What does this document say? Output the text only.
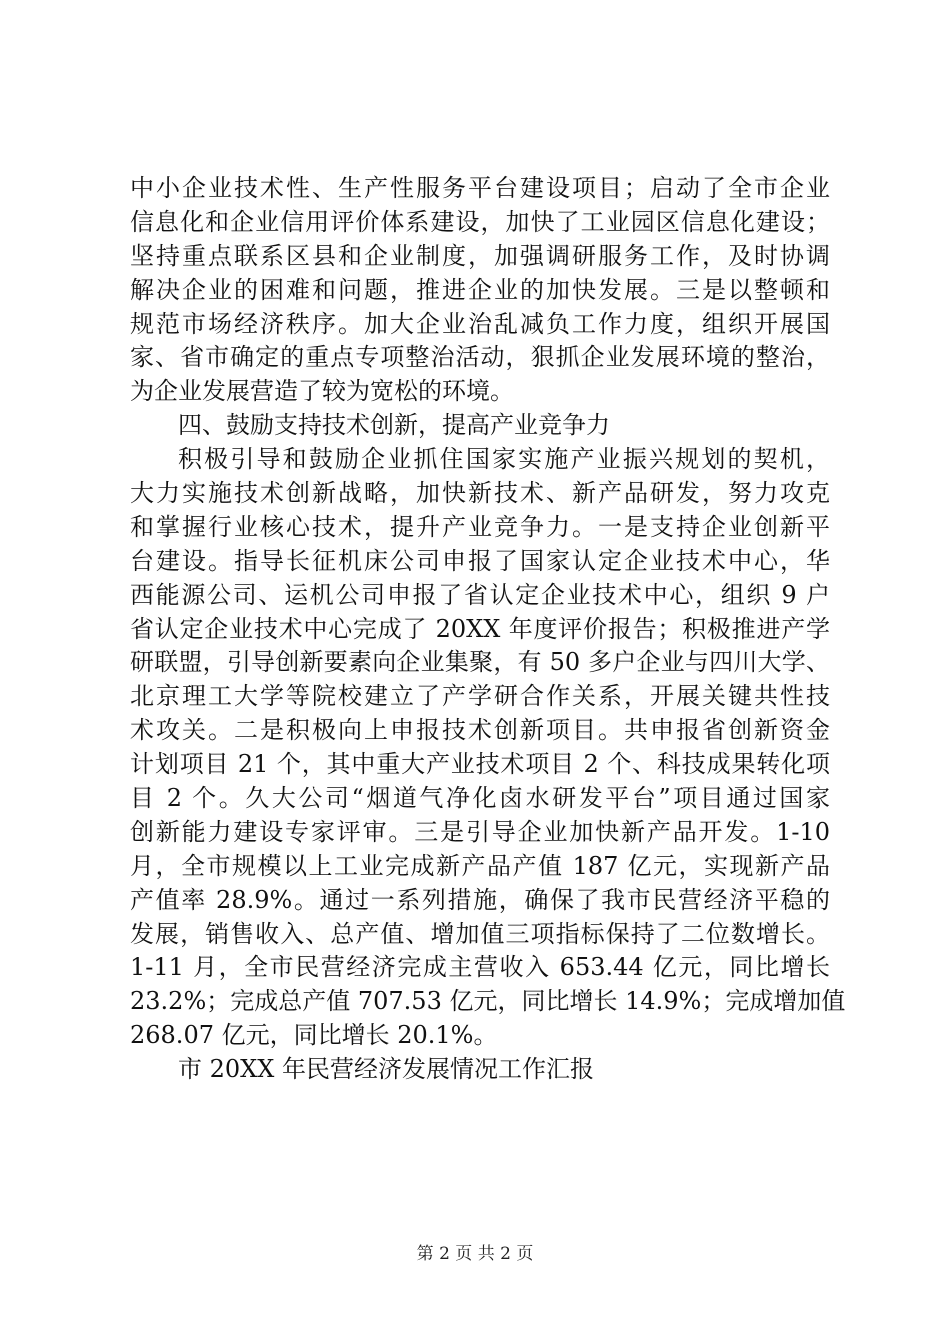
中小企业技术性、生产性服务平台建设项目；启动了全市企业
信息化和企业信用评价体系建设，加快了工业园区信息化建设；
坚持重点联系区县和企业制度，加强调研服务工作，及时协调
解决企业的困难和问题，推进企业的加快发展。三是以整顿和
规范市场经济秩序。加大企业治乱减负工作力度，组织开展国
家、省市确定的重点专项整治活动，狠抓企业发展环境的整治，
为企业发展营造了较为宽松的环境。
四、鼓励支持技术创新，提高产业竞争力
积极引导和鼓励企业抓住国家实施产业振兴规划的契机，
大力实施技术创新战略，加快新技术、新产品研发，努力攻克
和掌握行业核心技术，提升产业竞争力。一是支持企业创新平
台建设。指导长征机床公司申报了国家认定企业技术中心，华
西能源公司、运机公司申报了省认定企业技术中心，组织 9 户
省认定企业技术中心完成了 20XX 年度评价报告；积极推进产学
研联盟，引导创新要素向企业集聚，有 50 多户企业与四川大学、
北京理工大学等院校建立了产学研合作关系，开展关键共性技
术攻关。二是积极向上申报技术创新项目。共申报省创新资金
计划项目 21 个，其中重大产业技术项目 2 个、科技成果转化项
目 2 个。久大公司“烟道气净化卤水研发平台”项目通过国家
创新能力建设专家评审。三是引导企业加快新产品开发。1-10
月，全市规模以上工业完成新产品产值 187 亿元，实现新产品
产值率 28.9%。通过一系列措施，确保了我市民营经济平稳的
发展，销售收入、总产值、增加值三项指标保持了二位数增长。
1-11 月，全市民营经济完成主营收入 653.44 亿元，同比增长
23.2%；完成总产值 707.53 亿元，同比增长 14.9%；完成增加值
268.07 亿元，同比增长 20.1%。
市 20XX 年民营经济发展情况工作汇报
第 2 页 共 2 页
